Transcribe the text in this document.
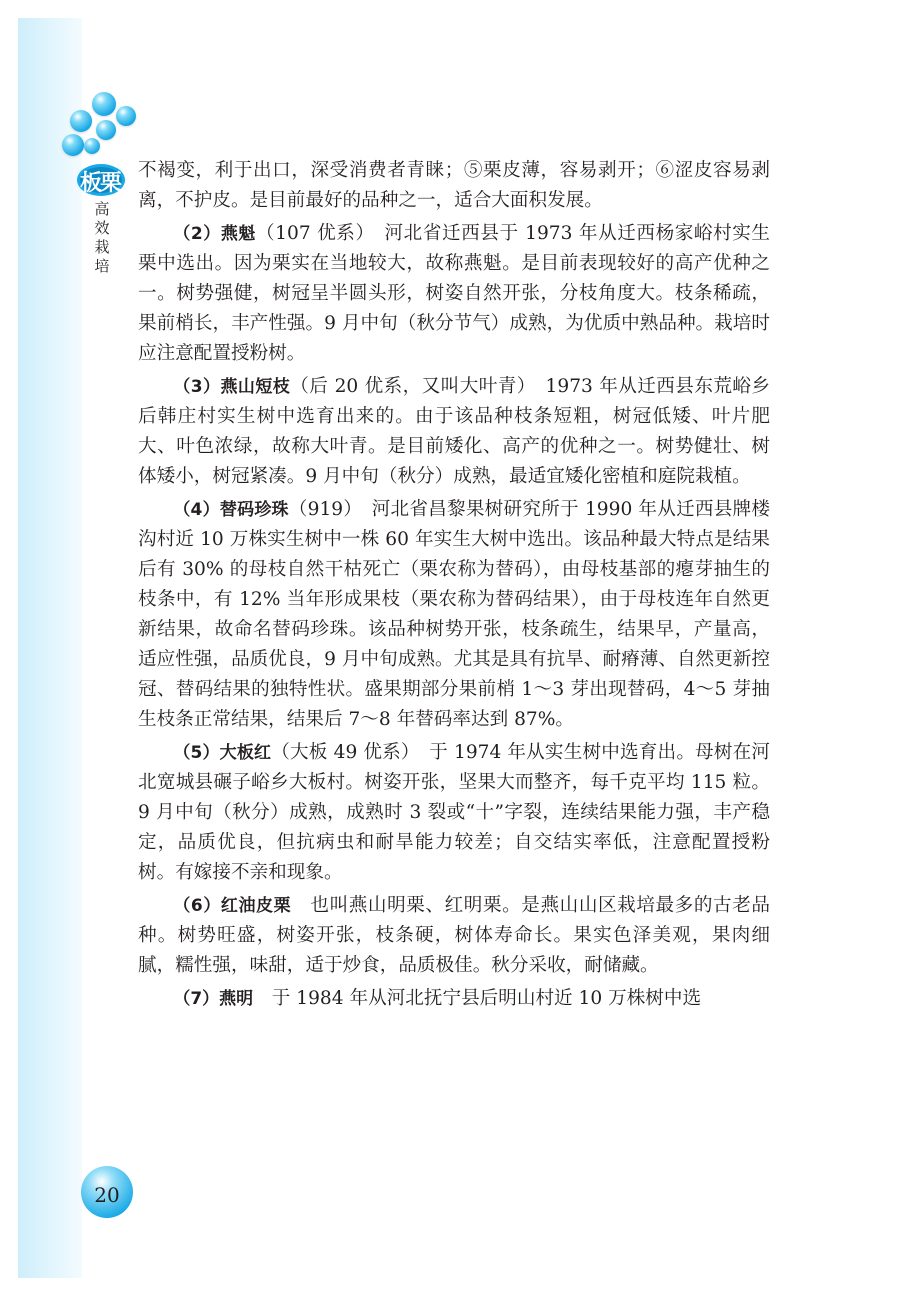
板栗
高效栽培

不褐变，利于出口，深受消费者青睐；⑤栗皮薄，容易剥开；⑥涩皮容易剥离，不护皮。是目前最好的品种之一，适合大面积发展。

（2）燕魁（107 优系）　河北省迁西县于 1973 年从迁西杨家峪村实生栗中选出。因为栗实在当地较大，故称燕魁。是目前表现较好的高产优种之一。树势强健，树冠呈半圆头形，树姿自然开张，分枝角度大。枝条稀疏，果前梢长，丰产性强。9 月中旬（秋分节气）成熟，为优质中熟品种。栽培时应注意配置授粉树。

（3）燕山短枝（后 20 优系，又叫大叶青）　1973 年从迁西县东荒峪乡后韩庄村实生树中选育出来的。由于该品种枝条短粗，树冠低矮、叶片肥大、叶色浓绿，故称大叶青。是目前矮化、高产的优种之一。树势健壮、树体矮小，树冠紧凑。9 月中旬（秋分）成熟，最适宜矮化密植和庭院栽植。

（4）替码珍珠（919）　河北省昌黎果树研究所于 1990 年从迁西县牌楼沟村近 10 万株实生树中一株 60 年实生大树中选出。该品种最大特点是结果后有 30% 的母枝自然干枯死亡（栗农称为替码），由母枝基部的瘪芽抽生的枝条中，有 12% 当年形成果枝（栗农称为替码结果），由于母枝连年自然更新结果，故命名替码珍珠。该品种树势开张，枝条疏生，结果早，产量高，适应性强，品质优良，9 月中旬成熟。尤其是具有抗旱、耐瘠薄、自然更新控冠、替码结果的独特性状。盛果期部分果前梢 1～3 芽出现替码，4～5 芽抽生枝条正常结果，结果后 7～8 年替码率达到 87%。

（5）大板红（大板 49 优系）　于 1974 年从实生树中选育出。母树在河北宽城县碾子峪乡大板村。树姿开张，坚果大而整齐，每千克平均 115 粒。9 月中旬（秋分）成熟，成熟时 3 裂或“十”字裂，连续结果能力强，丰产稳定，品质优良，但抗病虫和耐旱能力较差；自交结实率低，注意配置授粉树。有嫁接不亲和现象。

（6）红油皮栗　也叫燕山明栗、红明栗。是燕山山区栽培最多的古老品种。树势旺盛，树姿开张，枝条硬，树体寿命长。果实色泽美观，果肉细腻，糯性强，味甜，适于炒食，品质极佳。秋分采收，耐储藏。

（7）燕明　于 1984 年从河北抚宁县后明山村近 10 万株树中选

20
